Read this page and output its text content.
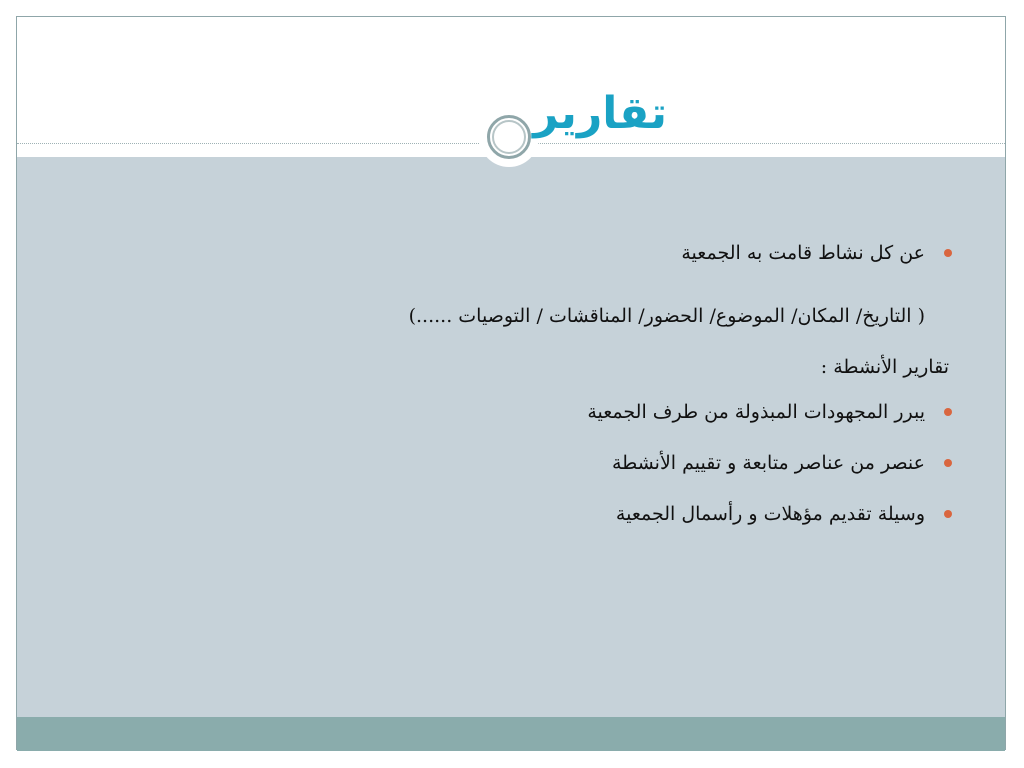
تقارير
عن كل نشاط قامت به الجمعية
( التاريخ/ المكان/ الموضوع/ الحضور/ المناقشات / التوصيات ......)
تقارير الأنشطة :
يبرر المجهودات المبذولة من طرف الجمعية
عنصر من عناصر متابعة و تقييم الأنشطة
وسيلة تقديم مؤهلات و رأسمال الجمعية
